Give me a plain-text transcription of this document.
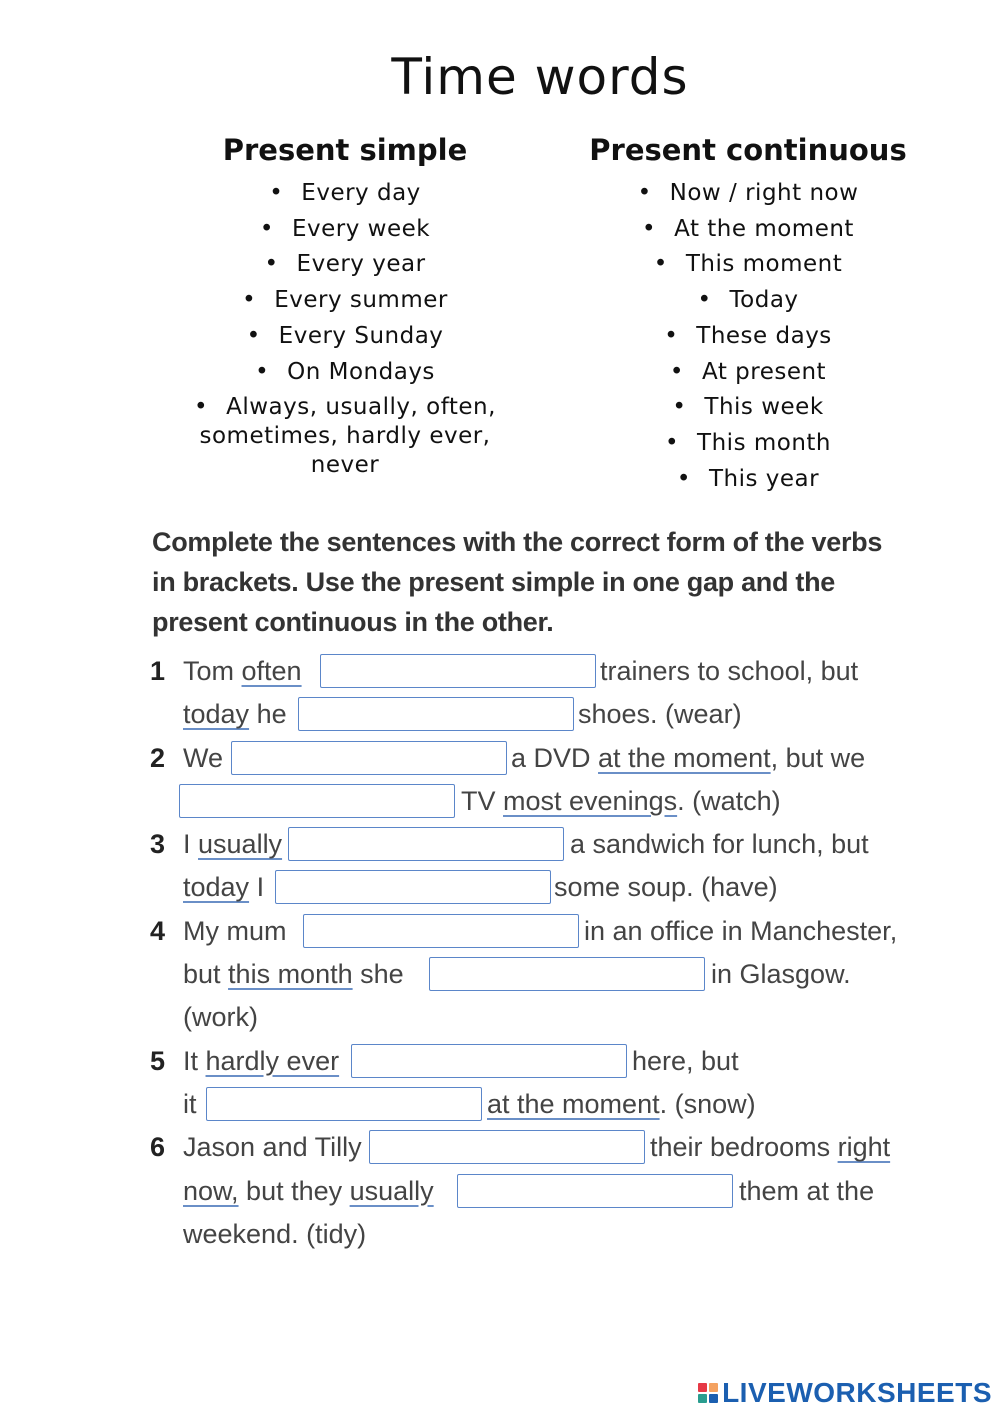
Time words
Present simple
• Every day
• Every week
• Every year
• Every summer
• Every Sunday
• On Mondays
• Always, usually, often,
sometimes, hardly ever,
never
Present continuous
• Now / right now
• At the moment
• This moment
• Today
• These days
• At present
• This week
• This month
• This year
Complete the sentences with the correct form of the verbs
in brackets. Use the present simple in one gap and the
present continuous in the other.
1 Tom often	trainers to school, but
today he	shoes. (wear)
2 We	a DVD at the moment, but we
TV most evenings. (watch)
3 I usually	a sandwich for lunch, but
today I	some soup. (have)
4 My mum	in an office in Manchester,
but this month she	in Glasgow.
(work)
5 It hardly ever	here, but
it	at the moment. (snow)
6 Jason and Tilly	their bedrooms right
now, but they usually	them at the
weekend. (tidy)
LIVEWORKSHEETS
